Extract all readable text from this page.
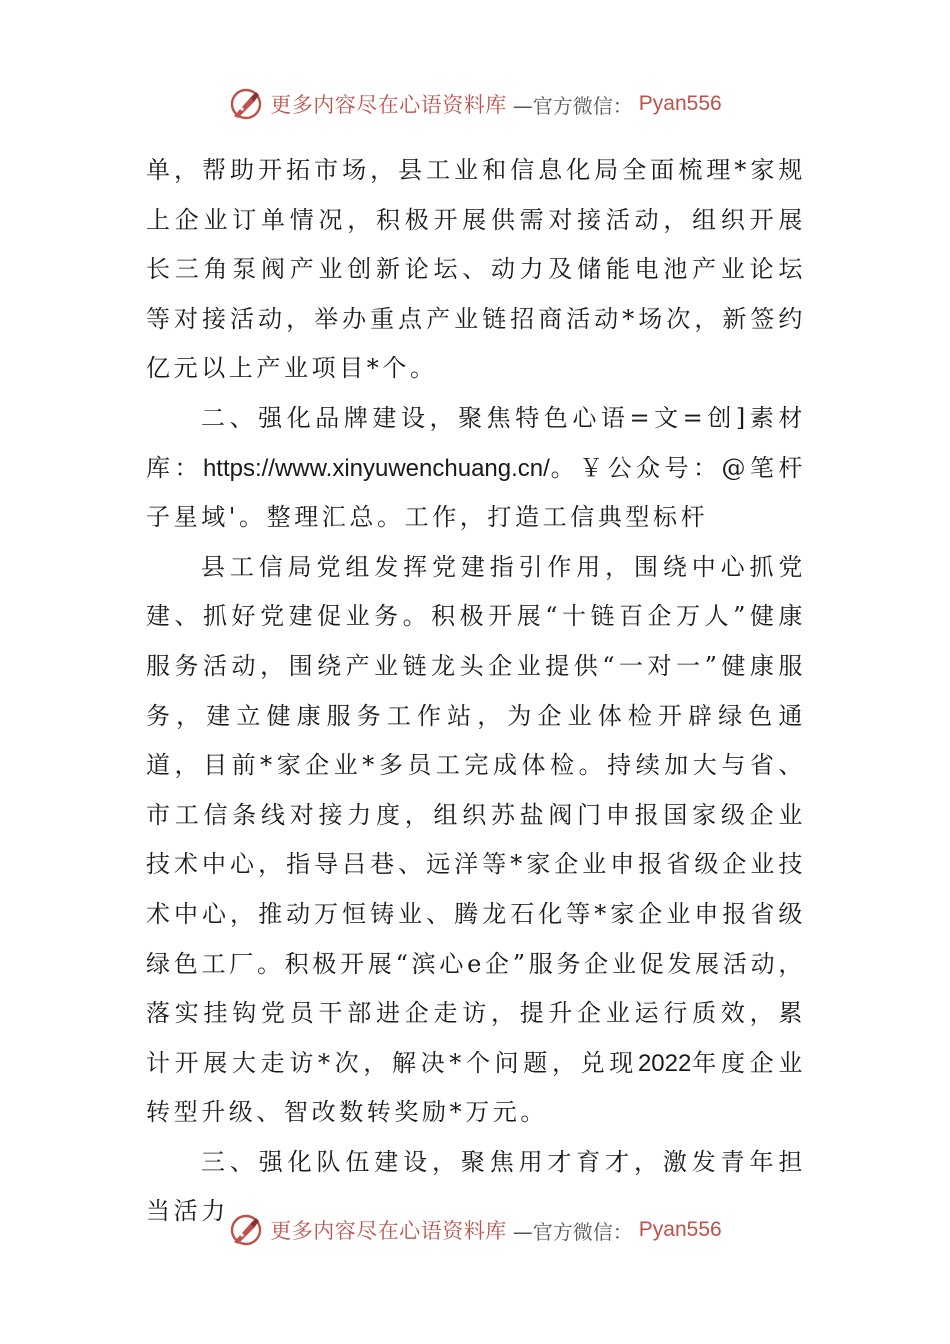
更多内容尽在心语资料库 —官方微信： Pyan556

单，帮助开拓市场，县工业和信息化局全面梳理*家规上企业订单情况，积极开展供需对接活动，组织开展长三角泵阀产业创新论坛、动力及储能电池产业论坛等对接活动，举办重点产业链招商活动*场次，新签约亿元以上产业项目*个。

二、强化品牌建设，聚焦特色心语=文=创]素材库：https://www.xinyuwenchuang.cn/。￥公众号：@笔杆子星域'。整理汇总。工作，打造工信典型标杆

县工信局党组发挥党建指引作用，围绕中心抓党建、抓好党建促业务。积极开展“十链百企万人”健康服务活动，围绕产业链龙头企业提供“一对一”健康服务，建立健康服务工作站，为企业体检开辟绿色通道，目前*家企业*多员工完成体检。持续加大与省、市工信条线对接力度，组织苏盐阀门申报国家级企业技术中心，指导吕巷、远洋等*家企业申报省级企业技术中心，推动万恒铸业、腾龙石化等*家企业申报省级绿色工厂。积极开展“滨心e企”服务企业促发展活动，落实挂钩党员干部进企走访，提升企业运行质效，累计开展大走访*次，解决*个问题，兑现2022年度企业转型升级、智改数转奖励*万元。

三、强化队伍建设，聚焦用才育才，激发青年担当活力

更多内容尽在心语资料库 —官方微信： Pyan556
